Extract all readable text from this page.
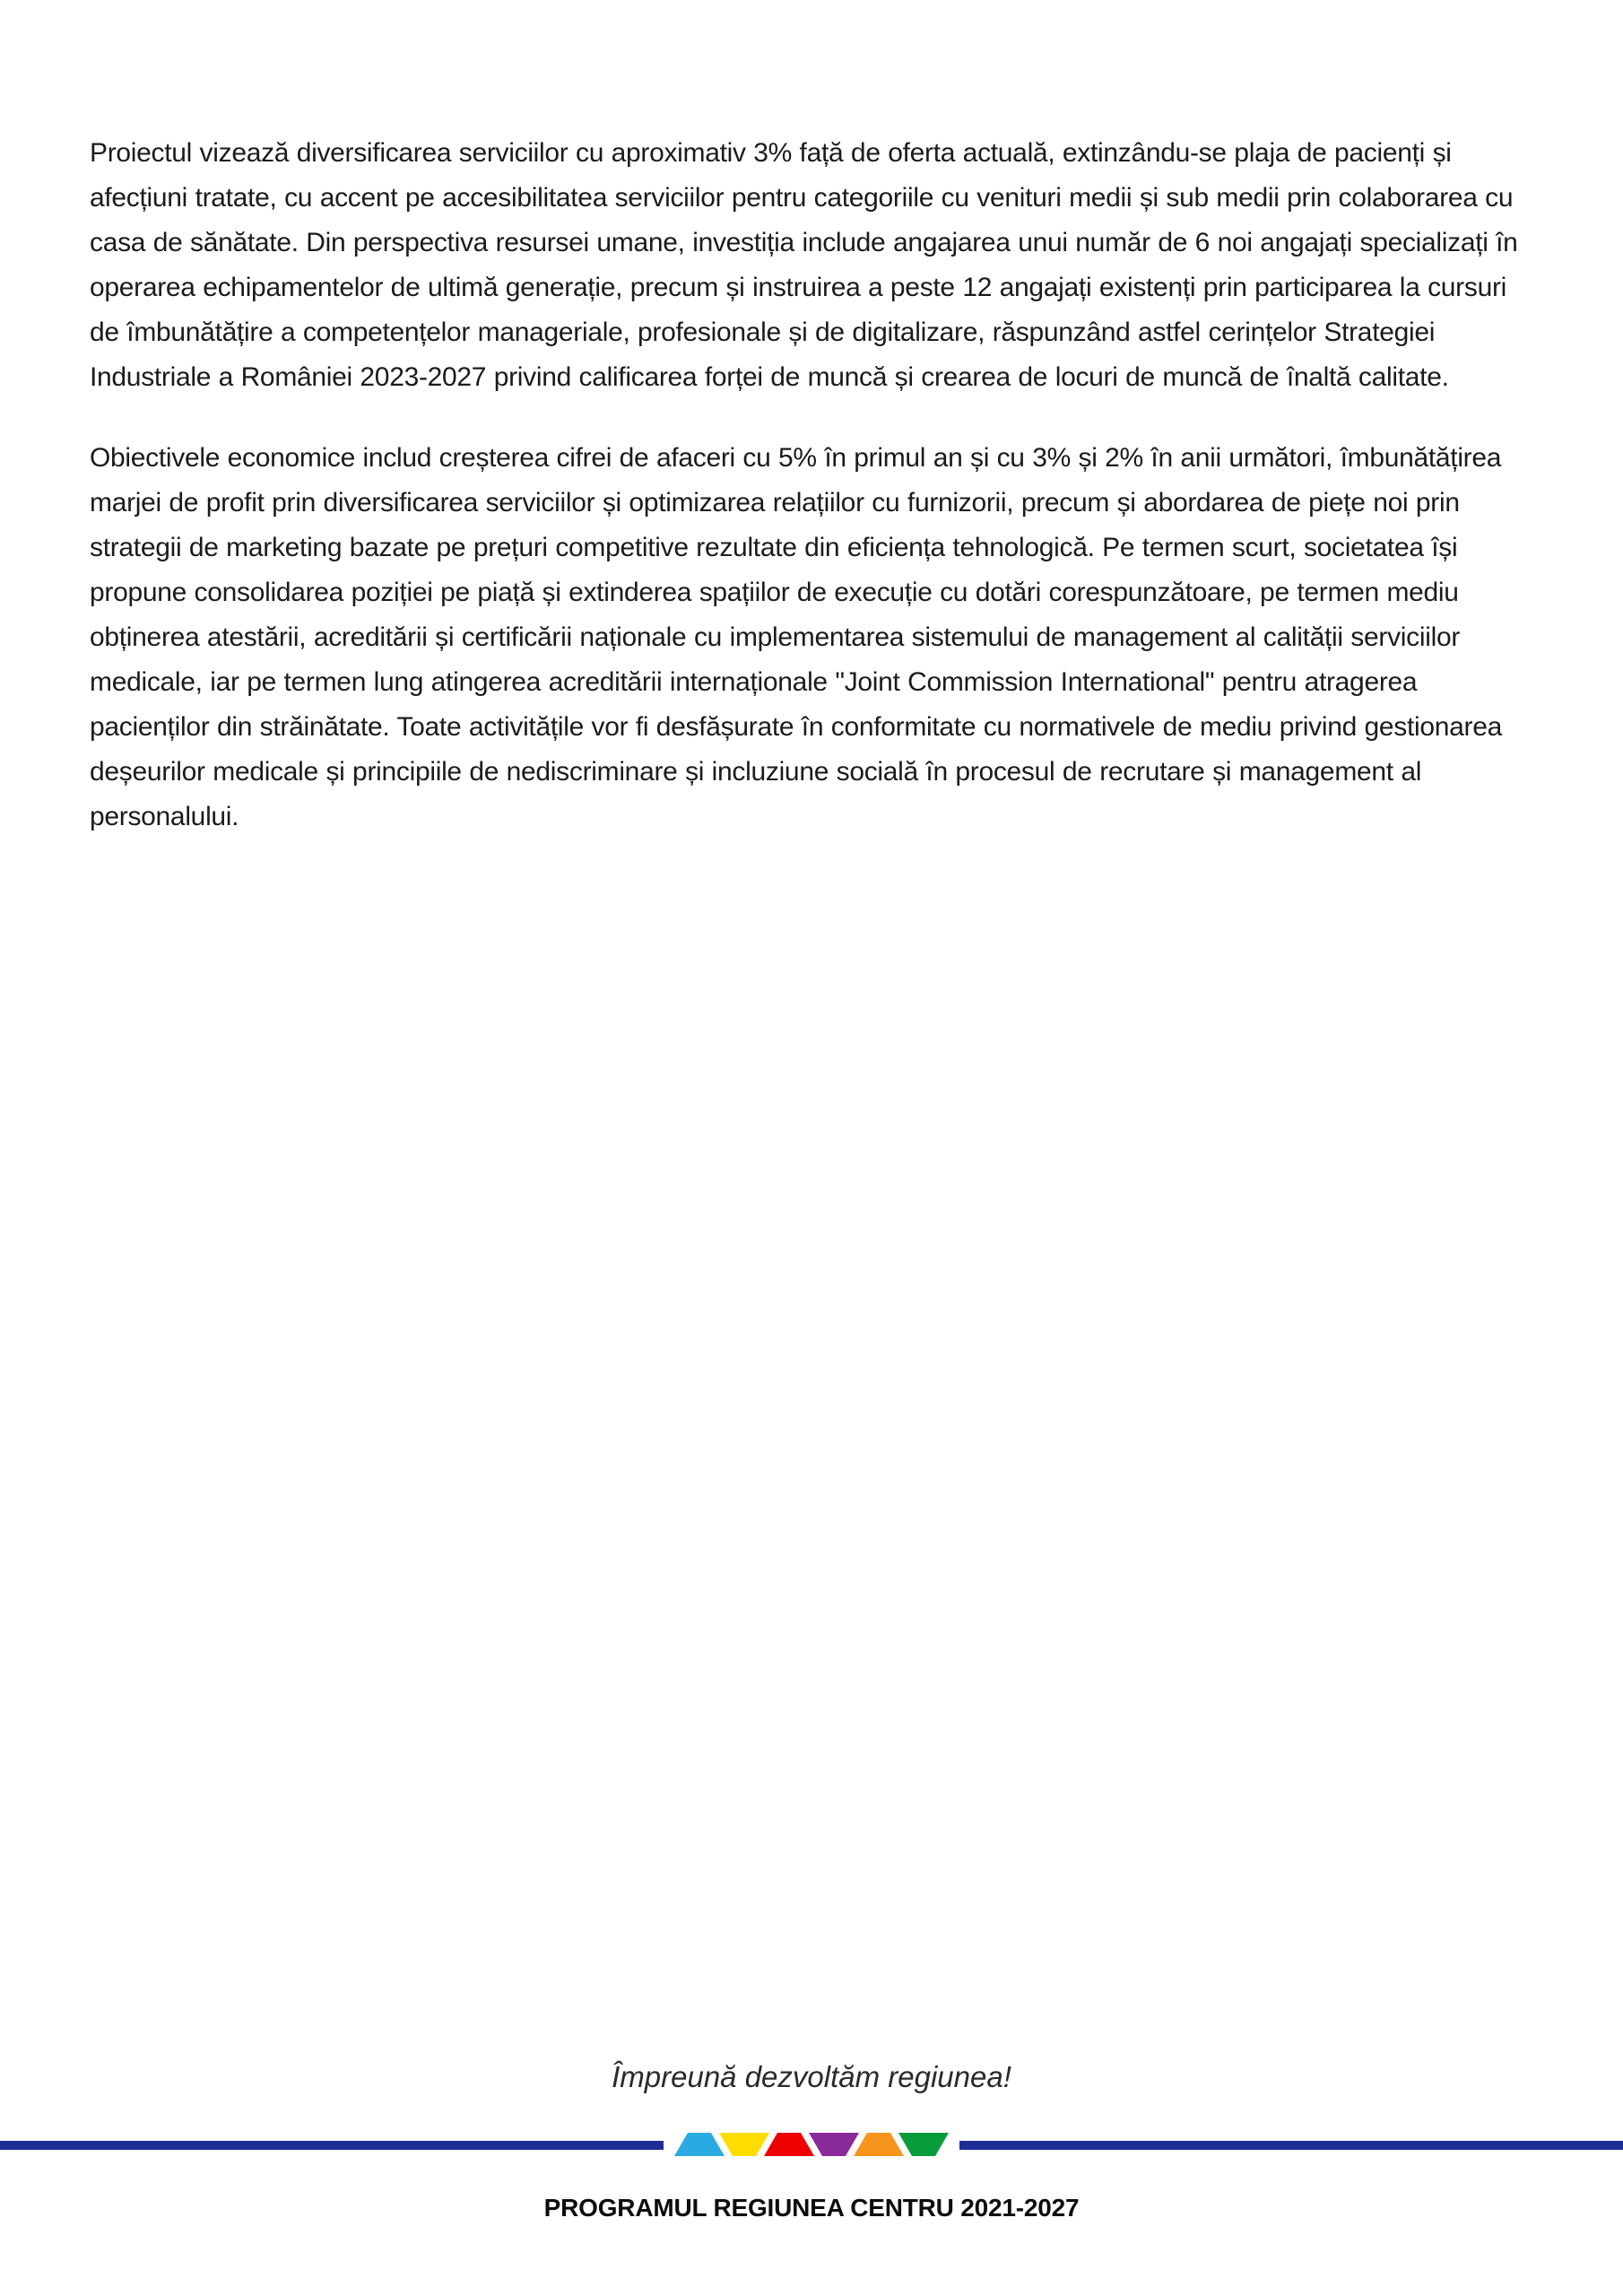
Proiectul vizează diversificarea serviciilor cu aproximativ 3% față de oferta actuală, extinzându-se plaja de pacienți și afecțiuni tratate, cu accent pe accesibilitatea serviciilor pentru categoriile cu venituri medii și sub medii prin colaborarea cu casa de sănătate. Din perspectiva resursei umane, investiția include angajarea unui număr de 6 noi angajați specializați în operarea echipamentelor de ultimă generație, precum și instruirea a peste 12 angajați existenți prin participarea la cursuri de îmbunătățire a competențelor manageriale, profesionale și de digitalizare, răspunzând astfel cerințelor Strategiei Industriale a României 2023-2027 privind calificarea forței de muncă și crearea de locuri de muncă de înaltă calitate.

Obiectivele economice includ creșterea cifrei de afaceri cu 5% în primul an și cu 3% și 2% în anii următori, îmbunătățirea marjei de profit prin diversificarea serviciilor și optimizarea relațiilor cu furnizorii, precum și abordarea de piețe noi prin strategii de marketing bazate pe prețuri competitive rezultate din eficiența tehnologică. Pe termen scurt, societatea își propune consolidarea poziției pe piață și extinderea spațiilor de execuție cu dotări corespunzătoare, pe termen mediu obținerea atestării, acreditării și certificării naționale cu implementarea sistemului de management al calității serviciilor medicale, iar pe termen lung atingerea acreditării internaționale "Joint Commission International" pentru atragerea pacienților din străinătate. Toate activitățile vor fi desfășurate în conformitate cu normativele de mediu privind gestionarea deșeurilor medicale și principiile de nediscriminare și incluziune socială în procesul de recrutare și management al personalului.

Împreună dezvoltăm regiunea!
PROGRAMUL REGIUNEA CENTRU 2021-2027
